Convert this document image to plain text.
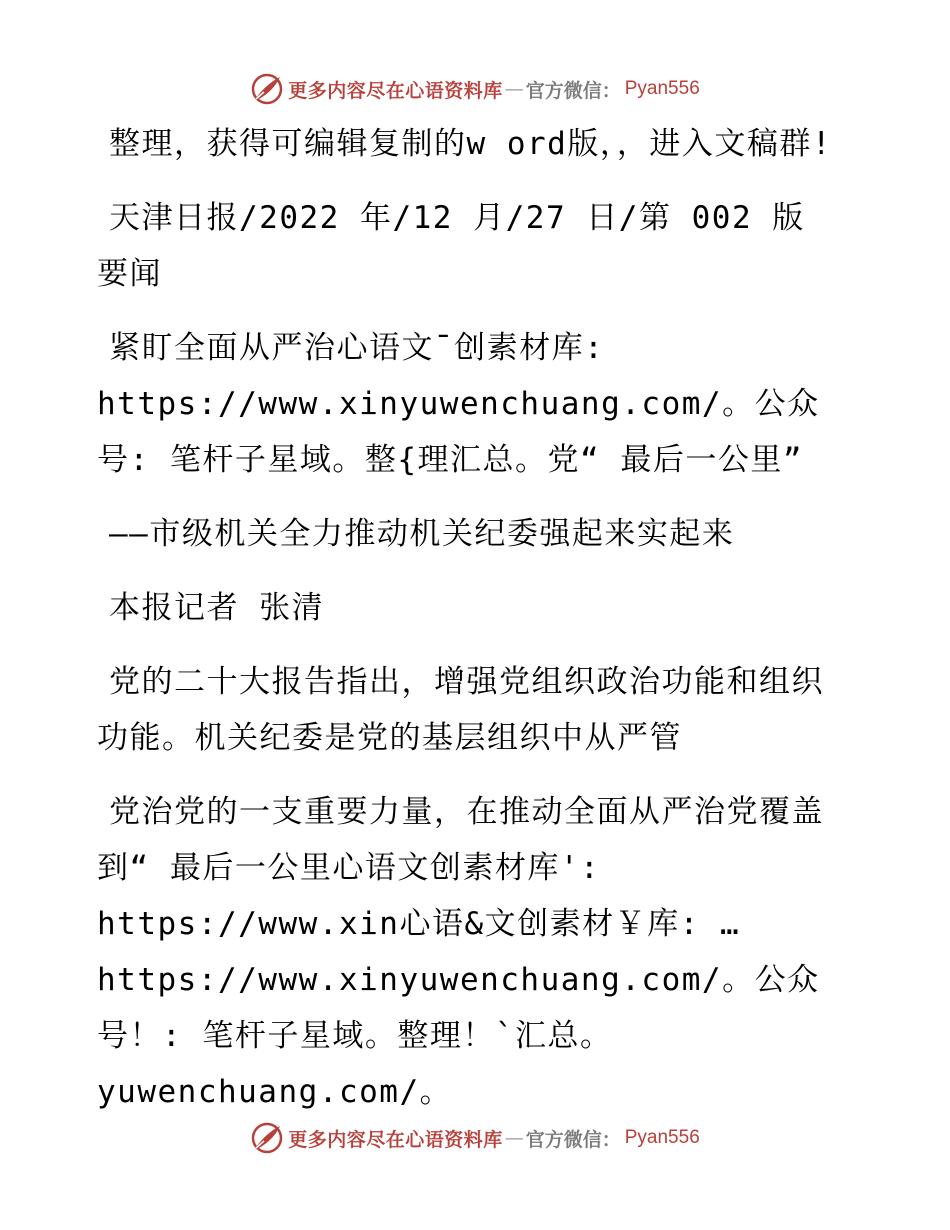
更多内容尽在心语资料库 — 官方微信： Pyan556

整理，获得可编辑复制的w ord版，，进入文稿群!

天津日报/2022 年/12 月/27 日/第 002 版要闻

紧盯全面从严治心语文¯创素材库: https://www.xinyuwenchuang.com/。公众号: 笔杆子星域。整{理汇总。党“ 最后一公里”

——市级机关全力推动机关纪委强起来实起来

本报记者 张清

党的二十大报告指出，增强党组织政治功能和组织功能。机关纪委是党的基层组织中从严管

党治党的一支重要力量，在推动全面从严治党覆盖到“ 最后一公里心语文创素材库': https://www.xin心语&文创素材￥库: …https://www.xinyuwenchuang.com/。公众号！: 笔杆子星域。整理！`汇总。yuwenchuang.com/。

更多内容尽在心语资料库 — 官方微信： Pyan556
